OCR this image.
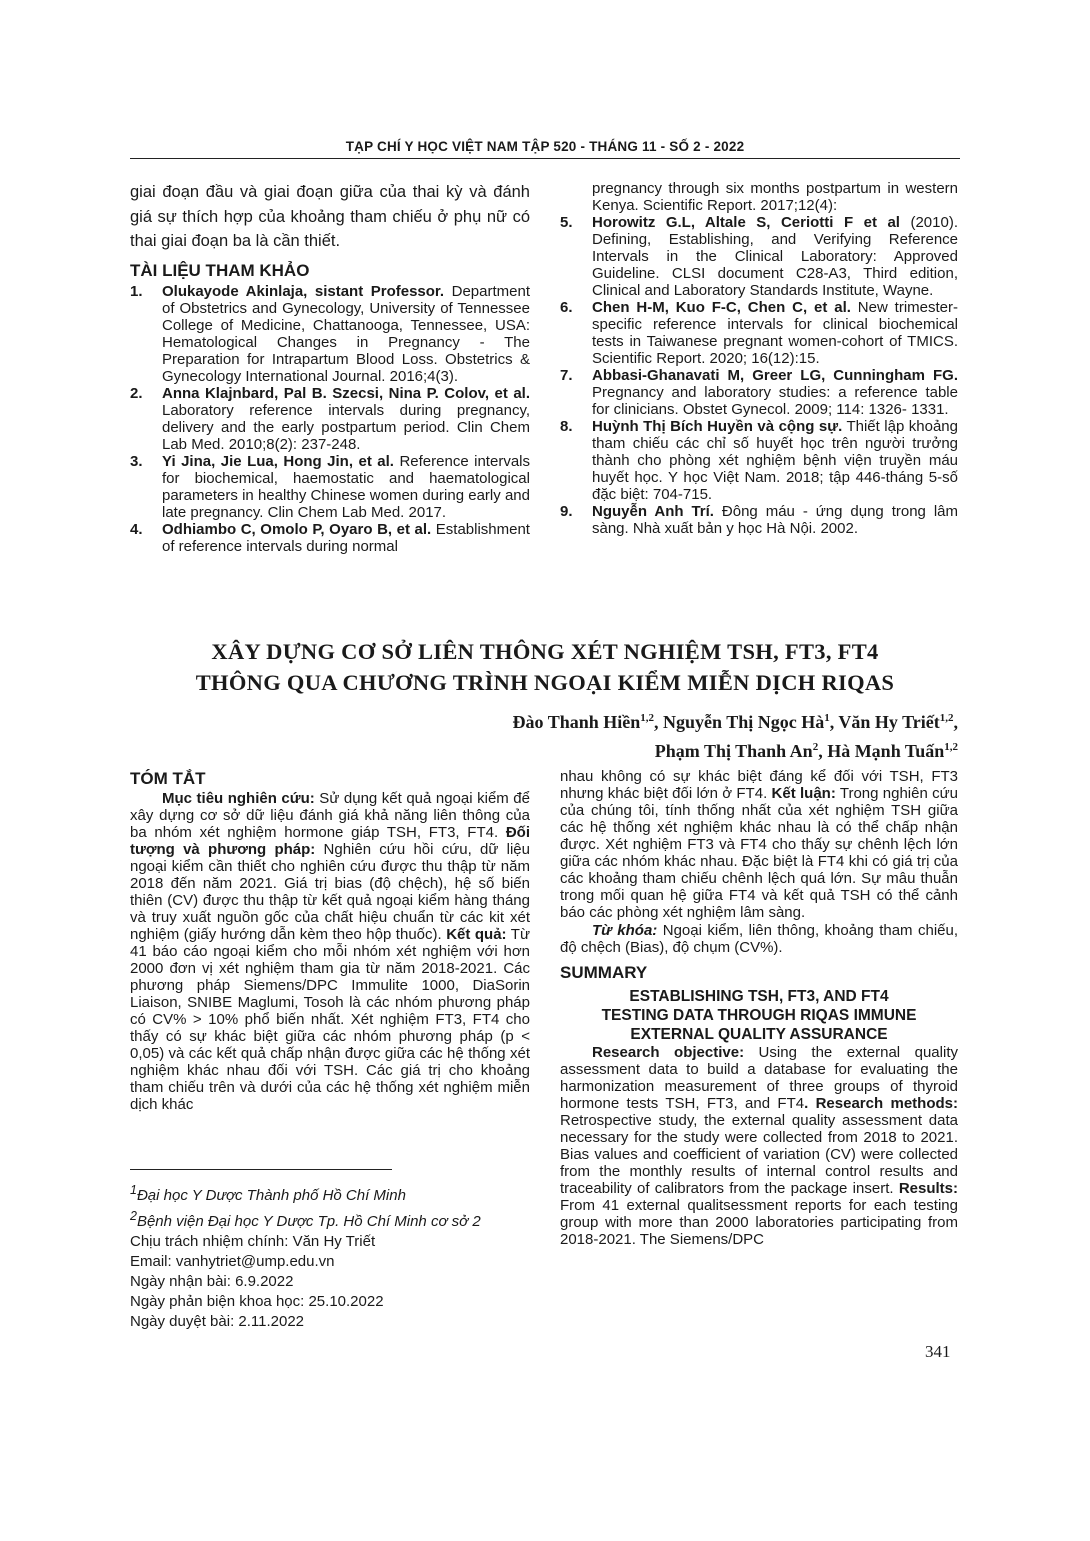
TẠP CHÍ Y HỌC VIỆT NAM TẬP 520 - THÁNG 11 - SỐ 2 - 2022

giai đoạn đầu và giai đoạn giữa của thai kỳ và đánh giá sự thích hợp của khoảng tham chiếu ở phụ nữ có thai giai đoạn ba là cần thiết.

TÀI LIỆU THAM KHẢO
1.	Olukayode Akinlaja, sistant Professor. Department of Obstetrics and Gynecology, University of Tennessee College of Medicine, Chattanooga, Tennessee, USA: Hematological Changes in Pregnancy - The Preparation for Intrapartum Blood Loss. Obstetrics & Gynecology International Journal. 2016;4(3).
2.	Anna Klajnbard, Pal B. Szecsi, Nina P. Colov, et al. Laboratory reference intervals during pregnancy, delivery and the early postpartum period. Clin Chem Lab Med. 2010;8(2): 237-248.
3.	Yi Jina, Jie Lua, Hong Jin, et al. Reference intervals for biochemical, haemostatic and haematological parameters in healthy Chinese women during early and late pregnancy. Clin Chem Lab Med. 2017.
4.	Odhiambo C, Omolo P, Oyaro B, et al. Establishment of reference intervals during normal

pregnancy through six months postpartum in western Kenya. Scientific Report. 2017;12(4):

5.	Horowitz G.L, Altale S, Ceriotti F et al (2010). Defining, Establishing, and Verifying Reference Intervals in the Clinical Laboratory: Approved Guideline. CLSI document C28-A3, Third edition, Clinical and Laboratory Standards Institute, Wayne.
6.	Chen H-M, Kuo F-C, Chen C, et al. New trimester-specific reference intervals for clinical biochemical tests in Taiwanese pregnant women-cohort of TMICS. Scientific Report. 2020; 16(12):15.
7.	Abbasi-Ghanavati M, Greer LG, Cunningham FG. Pregnancy and laboratory studies: a reference table for clinicians. Obstet Gynecol. 2009; 114: 1326- 1331.
8.	Huỳnh Thị Bích Huyền và cộng sự. Thiết lập khoảng tham chiếu các chỉ số huyết học trên người trưởng thành cho phòng xét nghiệm bệnh viện truyền máu huyết học. Y học Việt Nam. 2018; tập 446-tháng 5-số đặc biệt: 704-715.
9.	Nguyễn Anh Trí. Đông máu - ứng dụng trong lâm sàng. Nhà xuất bản y học Hà Nội. 2002.
XÂY DỰNG CƠ SỞ LIÊN THÔNG XÉT NGHIỆM TSH, FT3, FT4
THÔNG QUA CHƯƠNG TRÌNH NGOẠI KIỂM MIỄN DỊCH RIQAS
Đào Thanh Hiền$^{1,2}$, Nguyễn Thị Ngọc $Hà^1$, Văn Hy Triết$^{1,2}$,
Phạm Thị Thanh An$^2$, Hà Mạnh Tuấn$^{1,2}$
TÓM TẮT

Mục tiêu nghiên cứu: Sử dụng kết quả ngoại kiểm để xây dựng cơ sở dữ liệu đánh giá khả năng liên thông của ba nhóm xét nghiệm hormone giáp TSH, FT3, FT4. Đối tượng và phương pháp: Nghiên cứu hồi cứu, dữ liệu ngoại kiểm cần thiết cho nghiên cứu được thu thập từ năm 2018 đến năm 2021. Giá trị bias (độ chệch), hệ số biến thiên (CV) được thu thập từ kết quả ngoại kiểm hàng tháng và truy xuất nguồn gốc của chất hiệu chuẩn từ các kit xét nghiệm (giấy hướng dẫn kèm theo hộp thuốc). Kết quả: Từ 41 báo cáo ngoại kiểm cho mỗi nhóm xét nghiệm với hơn 2000 đơn vị xét nghiệm tham gia từ năm 2018-2021. Các phương pháp Siemens/DPC Immulite 1000, DiaSorin Liaison, SNIBE Maglumi, Tosoh là các nhóm phương pháp có CV% > 10% phổ biến nhất. Xét nghiệm FT3, FT4 cho thấy có sự khác biệt giữa các nhóm phương pháp (p < 0,05) và các kết quả chấp nhận được giữa các hệ thống xét nghiệm khác nhau đối với TSH. Các giá trị cho khoảng tham chiếu trên và dưới của các hệ thống xét nghiệm miễn dịch khác

$^1$Đại học Y Dược Thành phố Hồ Chí Minh
$^2$Bệnh viện Đại học Y Dược Tp. Hồ Chí Minh cơ sở 2
Chịu trách nhiệm chính: Văn Hy Triết
Email: vanhytriet@ump.edu.vn
Ngày nhận bài: 6.9.2022
Ngày phản biện khoa học: 25.10.2022
Ngày duyệt bài: 2.11.2022

nhau không có sự khác biệt đáng kể đối với TSH, FT3 nhưng khác biệt đối lớn ở FT4. Kết luận: Trong nghiên cứu của chúng tôi, tính thống nhất của xét nghiệm TSH giữa các hệ thống xét nghiệm khác nhau là có thể chấp nhận được. Xét nghiệm FT3 và FT4 cho thấy sự chênh lệch lớn giữa các nhóm khác nhau. Đặc biệt là FT4 khi có giá trị của các khoảng tham chiếu chênh lệch quá lớn. Sự mâu thuẫn trong mối quan hệ giữa FT4 và kết quả TSH có thể cảnh báo các phòng xét nghiệm lâm sàng.

Từ khóa: Ngoại kiểm, liên thông, khoảng tham chiếu, độ chệch (Bias), độ chụm (CV%).

SUMMARY
ESTABLISHING TSH, FT3, AND FT4
TESTING DATA THROUGH RIQAS IMMUNE
EXTERNAL QUALITY ASSURANCE

Research objective: Using the external quality assessment data to build a database for evaluating the harmonization measurement of three groups of thyroid hormone tests TSH, FT3, and FT4. Research methods: Retrospective study, the external quality assessment data necessary for the study were collected from 2018 to 2021. Bias values and coefficient of variation (CV) were collected from the monthly results of internal control results and traceability of calibrators from the package insert. Results: From 41 external qualitsessment reports for each testing group with more than 2000 laboratories participating from 2018-2021. The Siemens/DPC

341
